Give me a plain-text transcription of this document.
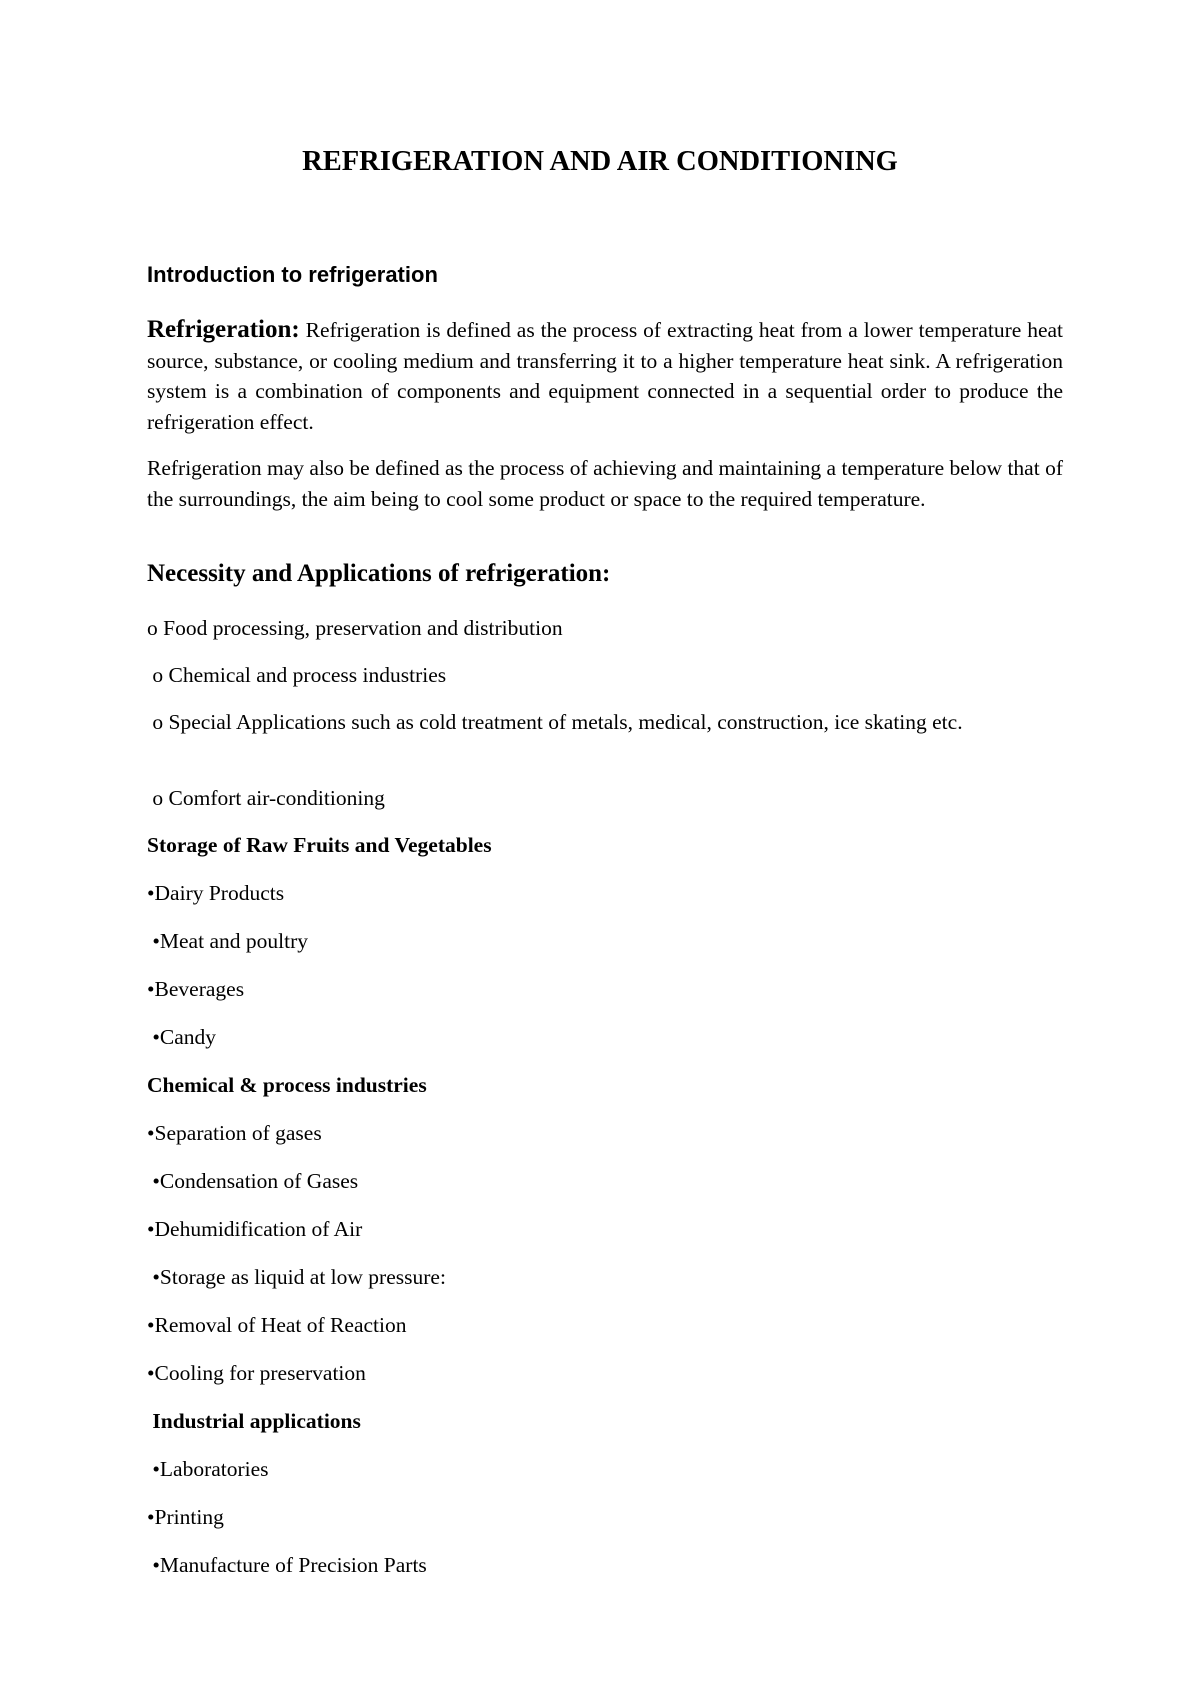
REFRIGERATION AND AIR CONDITIONING
Introduction to refrigeration
Refrigeration: Refrigeration is defined as the process of extracting heat from a lower temperature heat source, substance, or cooling medium and transferring it to a higher temperature heat sink. A refrigeration system is a combination of components and equipment connected in a sequential order to produce the refrigeration effect.
Refrigeration may also be defined as the process of achieving and maintaining a temperature below that of the surroundings, the aim being to cool some product or space to the required temperature.
Necessity and Applications of refrigeration:
o Food processing, preservation and distribution
o Chemical and process industries
o Special Applications such as cold treatment of metals, medical, construction, ice skating etc.
o Comfort air-conditioning
Storage of Raw Fruits and Vegetables
•Dairy Products
•Meat and poultry
•Beverages
•Candy
Chemical & process industries
•Separation of gases
•Condensation of Gases
•Dehumidification of Air
•Storage as liquid at low pressure:
•Removal of Heat of Reaction
•Cooling for preservation
Industrial applications
•Laboratories
•Printing
•Manufacture of Precision Parts
